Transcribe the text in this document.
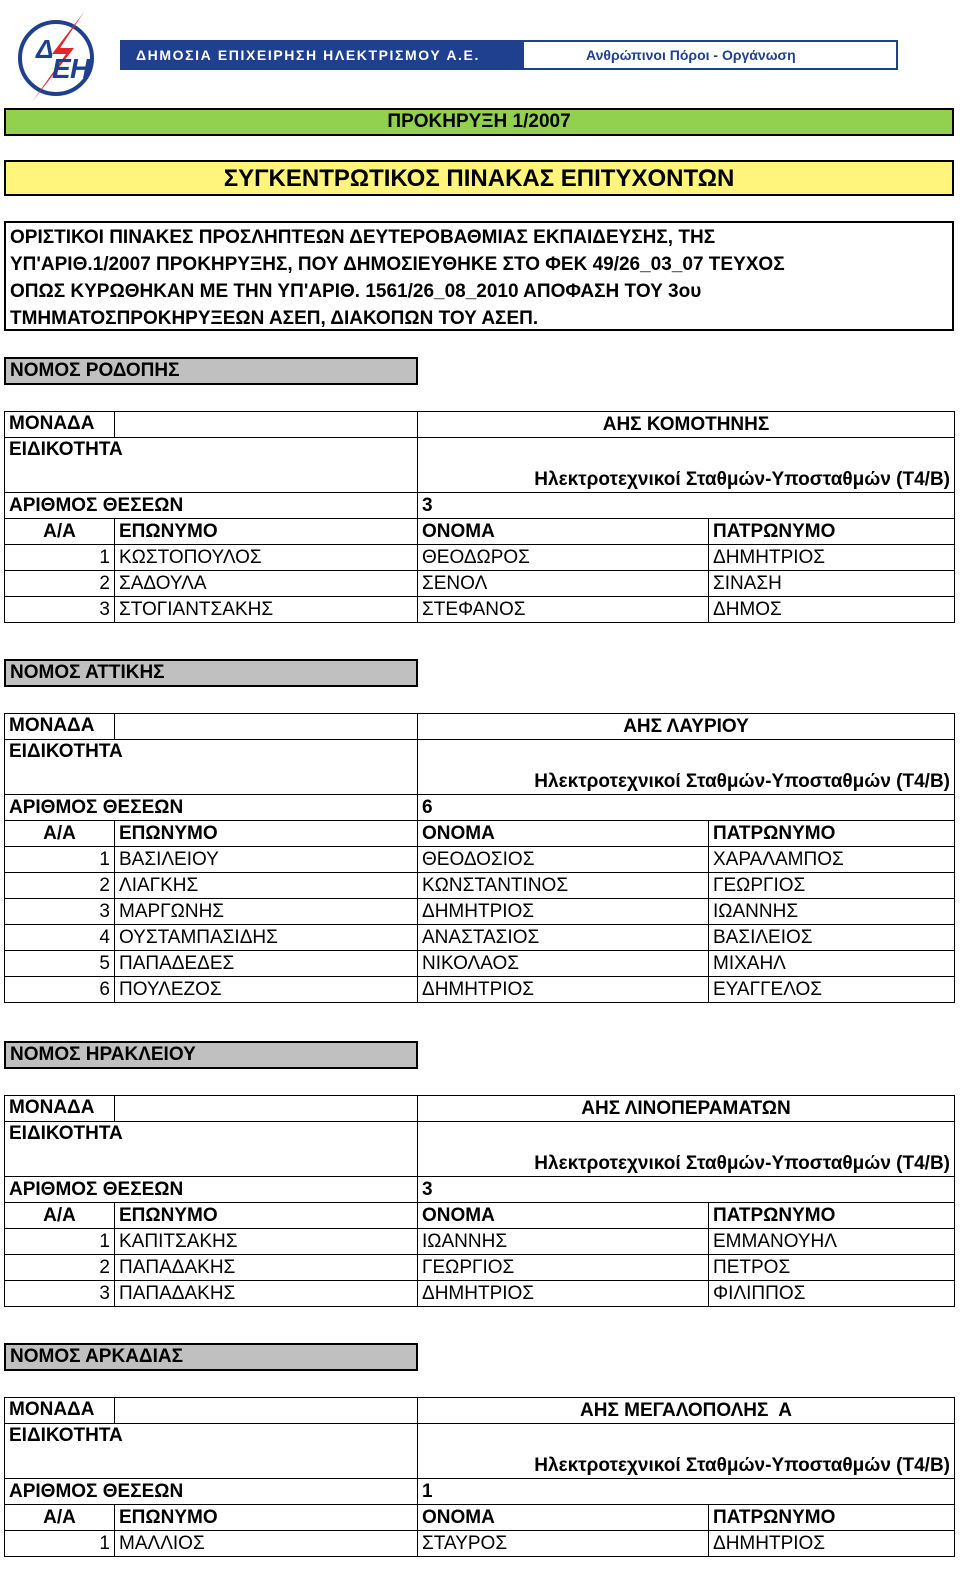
Δ
Ε Η	ΔΗΜΟΣΙΑ ΕΠΙΧΕΙΡΗΣΗ ΗΛΕΚΤΡΙΣΜΟΥ Α.Ε.	Ανθρώπινοι Πόροι - Οργάνωση
ΠΡΟΚΗΡΥΞΗ 1/2007
ΣΥΓΚΕΝΤΡΩΤΙΚΟΣ ΠΙΝΑΚΑΣ ΕΠΙΤΥΧΟΝΤΩΝ
ΟΡΙΣΤΙΚΟΙ ΠΙΝΑΚΕΣ ΠΡΟΣΛΗΠΤΕΩΝ ΔΕΥΤΕΡΟΒΑΘΜΙΑΣ ΕΚΠΑΙΔΕΥΣΗΣ, ΤΗΣ
ΥΠ'ΑΡΙΘ.1/2007 ΠΡΟΚΗΡΥΞΗΣ, ΠΟΥ ΔΗΜΟΣΙΕΥΘΗΚΕ ΣΤΟ ΦΕΚ 49/26_03_07 ΤΕΥΧΟΣ
ΟΠΩΣ ΚΥΡΩΘΗΚΑΝ ΜΕ ΤΗΝ ΥΠ'ΑΡΙΘ. 1561/26_08_2010 ΑΠΟΦΑΣΗ ΤΟΥ 3ου
ΤΜΗΜΑΤΟΣΠΡΟΚΗΡΥΞΕΩΝ ΑΣΕΠ, ΔΙΑΚΟΠΩΝ ΤΟΥ ΑΣΕΠ.
ΝΟΜΟΣ ΡΟΔΟΠΗΣ
ΜΟΝΑΔΑ		ΑΗΣ ΚΟΜΟΤΗΝΗΣ	
ΕΙΔΙΚΟΤΗΤΑ		Ηλεκτροτεχνικοί Σταθμών-Υποσταθμών (Τ4/Β)	
ΑΡΙΘΜΟΣ ΘΕΣΕΩΝ		3	
Α/Α	ΕΠΩΝΥΜΟ	ΟΝΟΜΑ	ΠΑΤΡΩΝΥΜΟ
1	ΚΩΣΤΟΠΟΥΛΟΣ	ΘΕΟΔΩΡΟΣ	ΔΗΜΗΤΡΙΟΣ
2	ΣΑΔΟΥΛΑ	ΣΕΝΟΛ	ΣΙΝΑΣΗ
3	ΣΤΟΓΙΑΝΤΣΑΚΗΣ	ΣΤΕΦΑΝΟΣ	ΔΗΜΟΣ
ΝΟΜΟΣ ΑΤΤΙΚΗΣ
ΜΟΝΑΔΑ		ΑΗΣ ΛΑΥΡΙΟΥ	
ΕΙΔΙΚΟΤΗΤΑ		Ηλεκτροτεχνικοί Σταθμών-Υποσταθμών (Τ4/Β)	
ΑΡΙΘΜΟΣ ΘΕΣΕΩΝ		6	
Α/Α	ΕΠΩΝΥΜΟ	ΟΝΟΜΑ	ΠΑΤΡΩΝΥΜΟ
1	ΒΑΣΙΛΕΙΟΥ	ΘΕΟΔΟΣΙΟΣ	ΧΑΡΑΛΑΜΠΟΣ
2	ΛΙΑΓΚΗΣ	ΚΩΝΣΤΑΝΤΙΝΟΣ	ΓΕΩΡΓΙΟΣ
3	ΜΑΡΓΩΝΗΣ	ΔΗΜΗΤΡΙΟΣ	ΙΩΑΝΝΗΣ
4	ΟΥΣΤΑΜΠΑΣΙΔΗΣ	ΑΝΑΣΤΑΣΙΟΣ	ΒΑΣΙΛΕΙΟΣ
5	ΠΑΠΑΔΕΔΕΣ	ΝΙΚΟΛΑΟΣ	ΜΙΧΑΗΛ
6	ΠΟΥΛΕΖΟΣ	ΔΗΜΗΤΡΙΟΣ	ΕΥΑΓΓΕΛΟΣ
ΝΟΜΟΣ ΗΡΑΚΛΕΙΟΥ
ΜΟΝΑΔΑ		ΑΗΣ ΛΙΝΟΠΕΡΑΜΑΤΩΝ	
ΕΙΔΙΚΟΤΗΤΑ		Ηλεκτροτεχνικοί Σταθμών-Υποσταθμών (Τ4/Β)	
ΑΡΙΘΜΟΣ ΘΕΣΕΩΝ		3	
Α/Α	ΕΠΩΝΥΜΟ	ΟΝΟΜΑ	ΠΑΤΡΩΝΥΜΟ
1	ΚΑΠΙΤΣΑΚΗΣ	ΙΩΑΝΝΗΣ	ΕΜΜΑΝΟΥΗΛ
2	ΠΑΠΑΔΑΚΗΣ	ΓΕΩΡΓΙΟΣ	ΠΕΤΡΟΣ
3	ΠΑΠΑΔΑΚΗΣ	ΔΗΜΗΤΡΙΟΣ	ΦΙΛΙΠΠΟΣ
ΝΟΜΟΣ ΑΡΚΑΔΙΑΣ
ΜΟΝΑΔΑ		ΑΗΣ ΜΕΓΑΛΟΠΟΛΗΣ  Α	
ΕΙΔΙΚΟΤΗΤΑ		Ηλεκτροτεχνικοί Σταθμών-Υποσταθμών (Τ4/Β)	
ΑΡΙΘΜΟΣ ΘΕΣΕΩΝ		1	
Α/Α	ΕΠΩΝΥΜΟ	ΟΝΟΜΑ	ΠΑΤΡΩΝΥΜΟ
1	ΜΑΛΛΙΟΣ	ΣΤΑΥΡΟΣ	ΔΗΜΗΤΡΙΟΣ
